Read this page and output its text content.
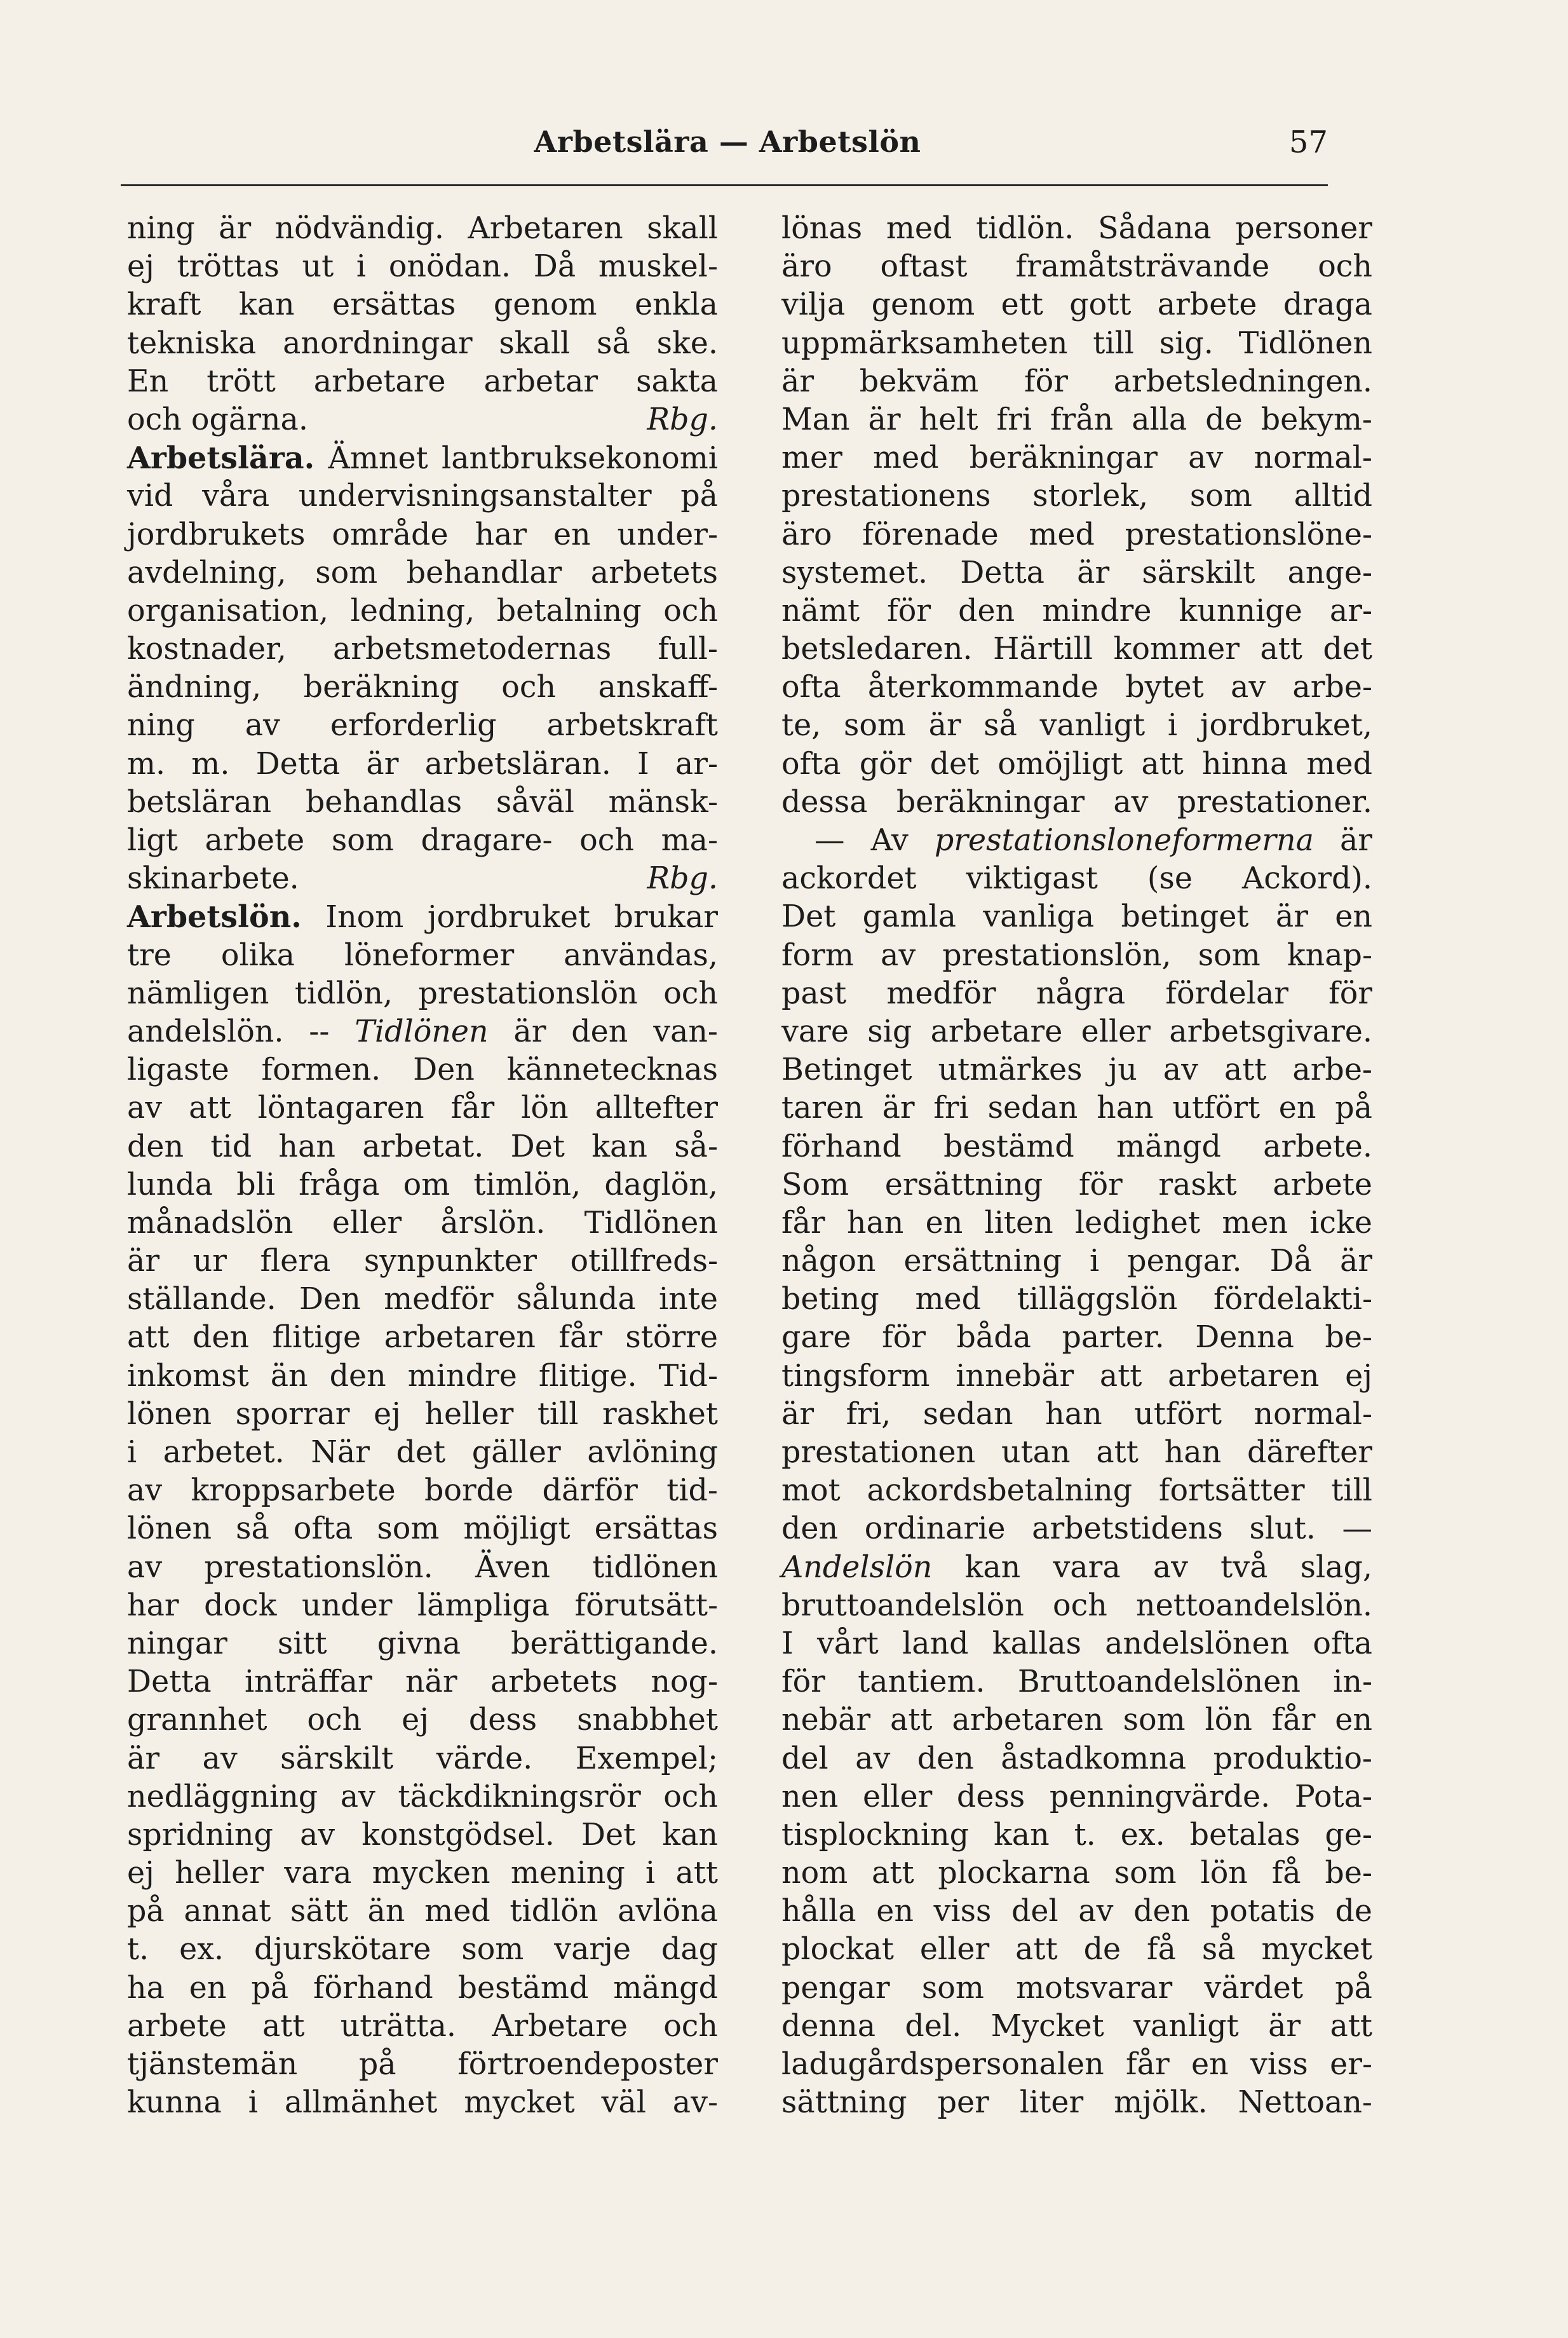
Arbetslära — Arbetslön	57
ning är nödvändig. Arbetaren skall
ej tröttas ut i onödan. Då muskel-
kraft kan ersättas genom enkla
tekniska anordningar skall så ske.
En trött arbetare arbetar sakta
och ogärna.	Rbg.
Arbetslära. Ämnet lantbruksekonomi
vid våra undervisningsanstalter på
jordbrukets område har en under-
avdelning, som behandlar arbetets
organisation, ledning, betalning och
kostnader, arbetsmetodernas full-
ändning, beräkning och anskaff-
ning av erforderlig arbetskraft
m. m. Detta är arbetsläran. I ar-
betsläran behandlas såväl mänsk-
ligt arbete som dragare- och ma-
skinarbete.	Rbg.
Arbetslön. Inom jordbruket brukar
tre olika löneformer användas,
nämligen tidlön, prestationslön och
andelslön. -- Tidlönen är den van-
ligaste formen. Den kännetecknas
av att löntagaren får lön alltefter
den tid han arbetat. Det kan så-
lunda bli fråga om timlön, daglön,
månadslön eller årslön. Tidlönen
är ur flera synpunkter otillfreds-
ställande. Den medför sålunda inte
att den flitige arbetaren får större
inkomst än den mindre flitige. Tid-
lönen sporrar ej heller till raskhet
i arbetet. När det gäller avlöning
av kroppsarbete borde därför tid-
lönen så ofta som möjligt ersättas
av prestationslön. Även tidlönen
har dock under lämpliga förutsätt-
ningar sitt givna berättigande.
Detta inträffar när arbetets nog-
grannhet och ej dess snabbhet
är av särskilt värde. Exempel;
nedläggning av täckdikningsrör och
spridning av konstgödsel. Det kan
ej heller vara mycken mening i att
på annat sätt än med tidlön avlöna
t. ex. djurskötare som varje dag
ha en på förhand bestämd mängd
arbete att uträtta. Arbetare och
tjänstemän på förtroendeposter
kunna i allmänhet mycket väl av-
lönas med tidlön. Sådana personer
äro oftast framåtsträvande och
vilja genom ett gott arbete draga
uppmärksamheten till sig. Tidlönen
är bekväm för arbetsledningen.
Man är helt fri från alla de bekym-
mer med beräkningar av normal-
prestationens storlek, som alltid
äro förenade med prestationslöne-
systemet. Detta är särskilt ange-
nämt för den mindre kunnige ar-
betsledaren. Härtill kommer att det
ofta återkommande bytet av arbe-
te, som är så vanligt i jordbruket,
ofta gör det omöjligt att hinna med
dessa beräkningar av prestationer.
— Av prestationsloneformerna är
ackordet viktigast (se Ackord).
Det gamla vanliga betinget är en
form av prestationslön, som knap-
past medför några fördelar för
vare sig arbetare eller arbetsgivare.
Betinget utmärkes ju av att arbe-
taren är fri sedan han utfört en på
förhand bestämd mängd arbete.
Som ersättning för raskt arbete
får han en liten ledighet men icke
någon ersättning i pengar. Då är
beting med tilläggslön fördelakti-
gare för båda parter. Denna be-
tingsform innebär att arbetaren ej
är fri, sedan han utfört normal-
prestationen utan att han därefter
mot ackordsbetalning fortsätter till
den ordinarie arbetstidens slut. —
Andelslön kan vara av två slag,
bruttoandelslön och nettoandelslön.
I vårt land kallas andelslönen ofta
för tantiem. Bruttoandelslönen in-
nebär att arbetaren som lön får en
del av den åstadkomna produktio-
nen eller dess penningvärde. Pota-
tisplockning kan t. ex. betalas ge-
nom att plockarna som lön få be-
hålla en viss del av den potatis de
plockat eller att de få så mycket
pengar som motsvarar värdet på
denna del. Mycket vanligt är att
ladugårdspersonalen får en viss er-
sättning per liter mjölk. Nettoan-
